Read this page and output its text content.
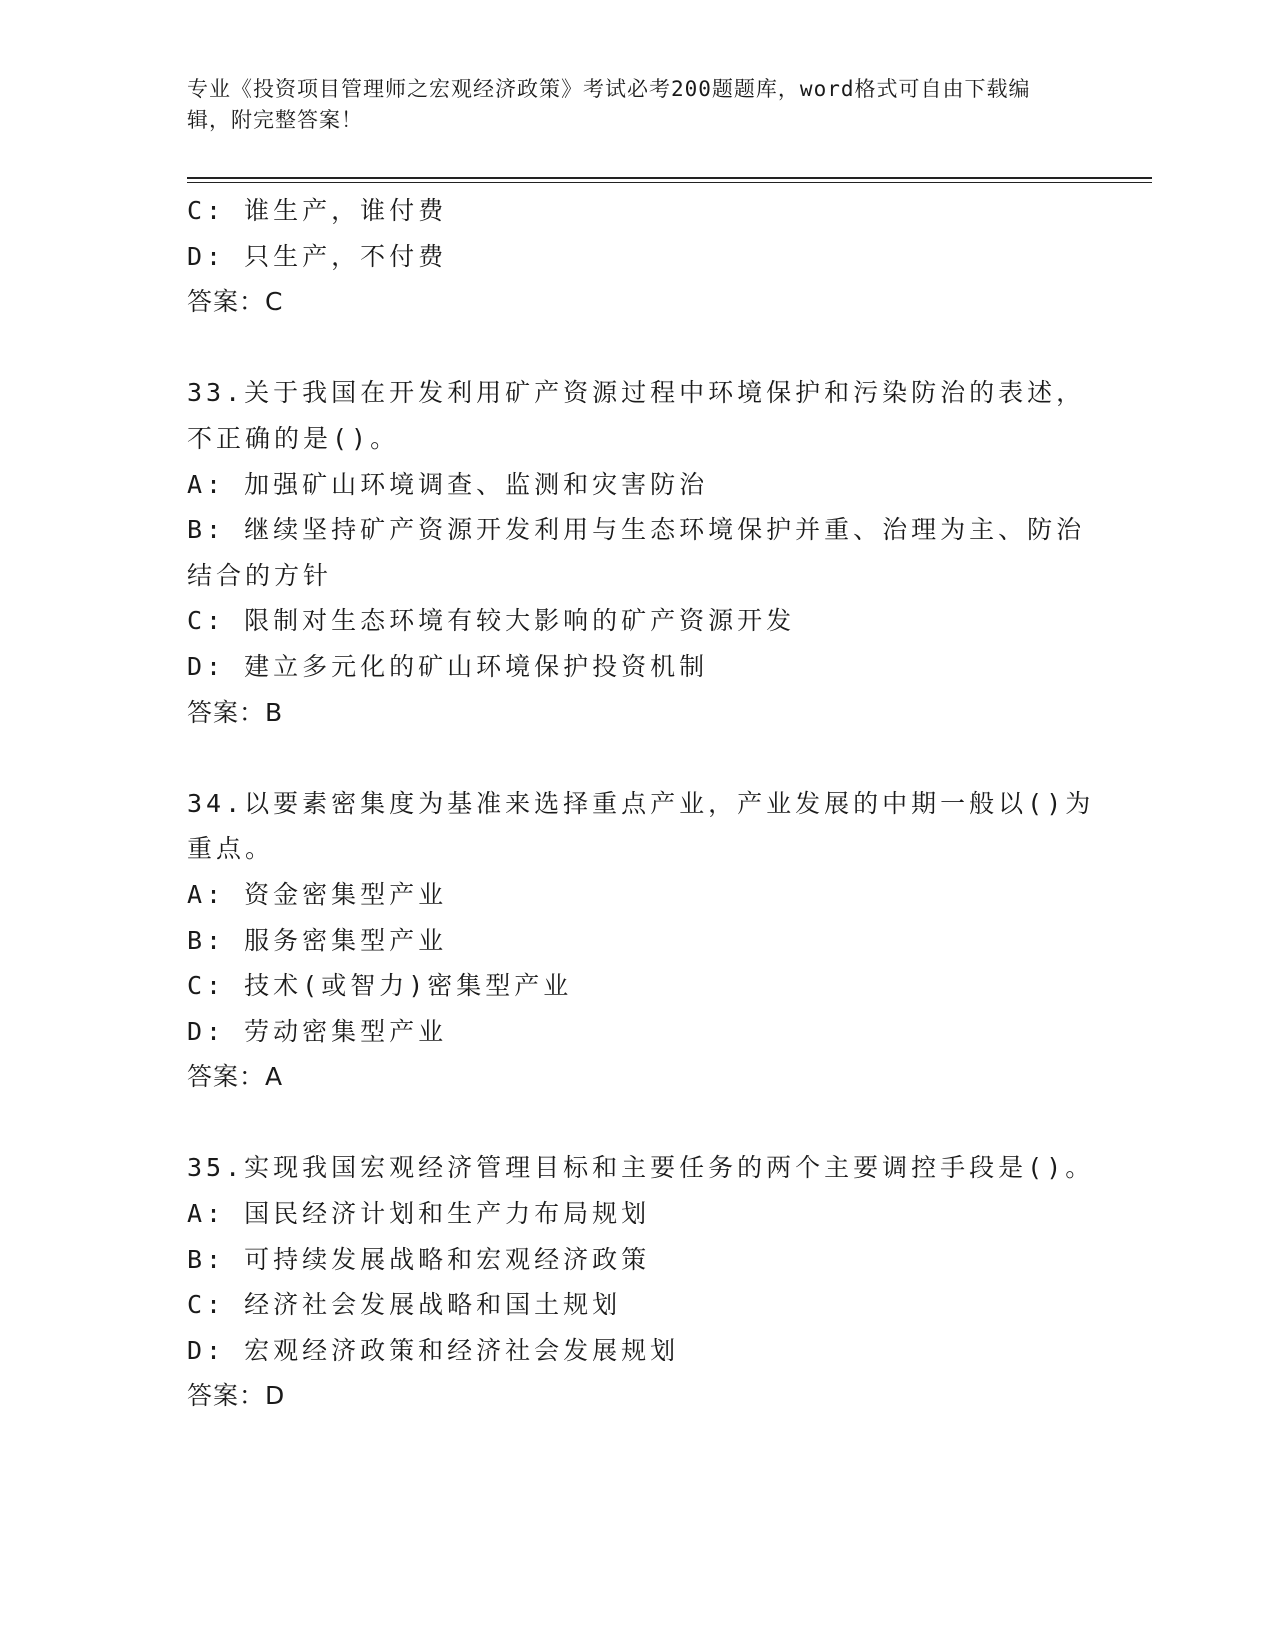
专业《投资项目管理师之宏观经济政策》考试必考200题题库，word格式可自由下载编辑，附完整答案！
C: 谁生产，谁付费
D: 只生产，不付费
答案：C
33.关于我国在开发利用矿产资源过程中环境保护和污染防治的表述，不正确的是()。
A: 加强矿山环境调查、监测和灾害防治
B: 继续坚持矿产资源开发利用与生态环境保护并重、治理为主、防治结合的方针
C: 限制对生态环境有较大影响的矿产资源开发
D: 建立多元化的矿山环境保护投资机制
答案：B
34.以要素密集度为基准来选择重点产业，产业发展的中期一般以()为重点。
A: 资金密集型产业
B: 服务密集型产业
C: 技术(或智力)密集型产业
D: 劳动密集型产业
答案：A
35.实现我国宏观经济管理目标和主要任务的两个主要调控手段是()。
A: 国民经济计划和生产力布局规划
B: 可持续发展战略和宏观经济政策
C: 经济社会发展战略和国土规划
D: 宏观经济政策和经济社会发展规划
答案：D
